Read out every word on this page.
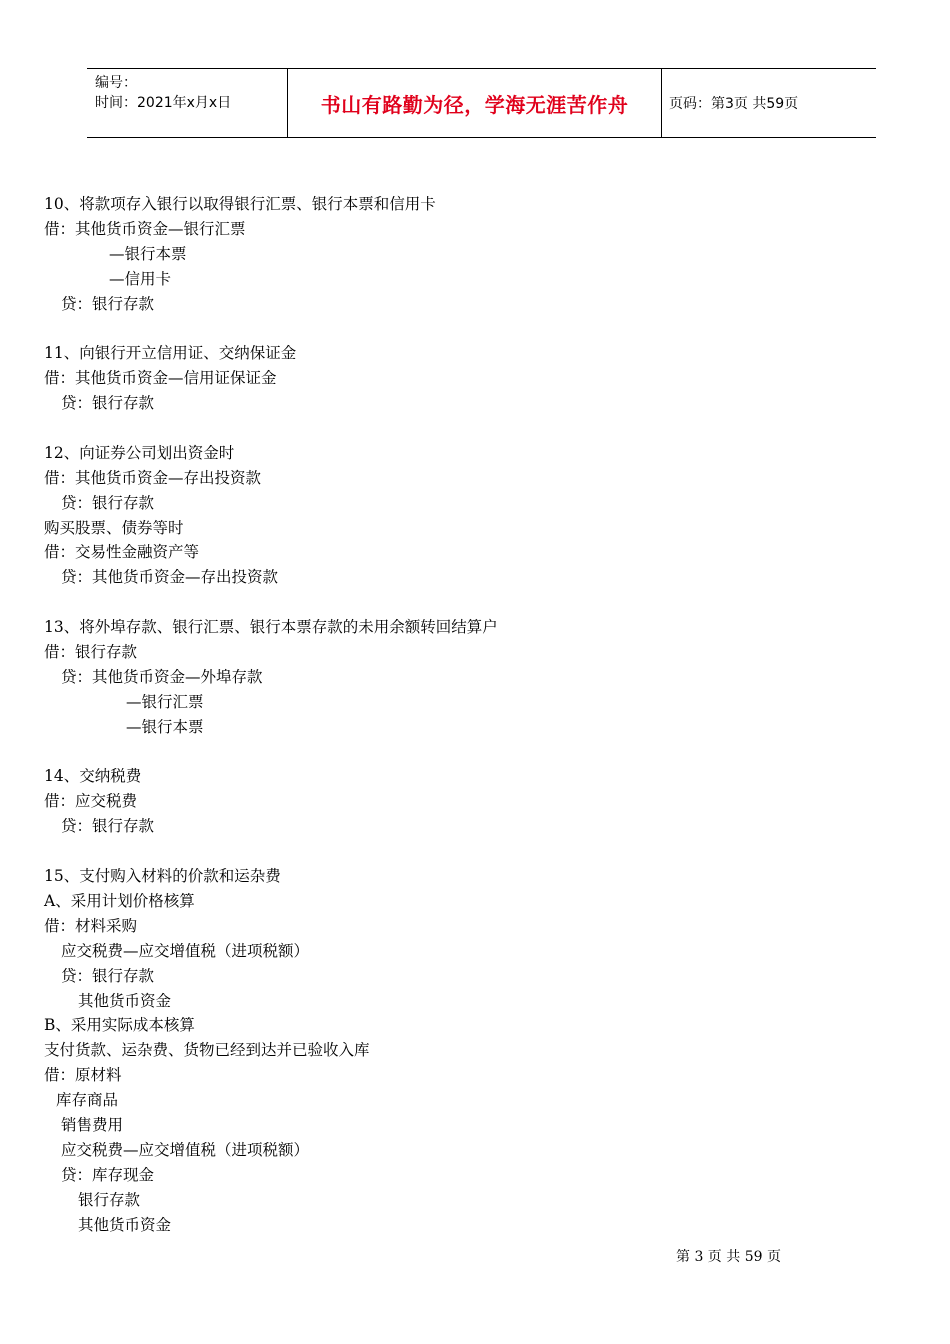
编号：
时间：2021年x月x日	书山有路勤为径，学海无涯苦作舟	页码：第3页 共59页
10、将款项存入银行以取得银行汇票、银行本票和信用卡
借：其他货币资金—银行汇票
—银行本票
—信用卡
贷：银行存款
11、向银行开立信用证、交纳保证金
借：其他货币资金—信用证保证金
贷：银行存款
12、向证券公司划出资金时
借：其他货币资金—存出投资款
贷：银行存款
购买股票、债券等时
借：交易性金融资产等
贷：其他货币资金—存出投资款
13、将外埠存款、银行汇票、银行本票存款的未用余额转回结算户
借：银行存款
贷：其他货币资金—外埠存款
—银行汇票
—银行本票
14、交纳税费
借：应交税费
贷：银行存款
15、支付购入材料的价款和运杂费
A、采用计划价格核算
借：材料采购
应交税费—应交增值税（进项税额）
贷：银行存款
其他货币资金
B、采用实际成本核算
支付货款、运杂费、货物已经到达并已验收入库
借：原材料
库存商品
销售费用
应交税费—应交增值税（进项税额）
贷：库存现金
银行存款
其他货币资金
第 3 页 共 59 页
